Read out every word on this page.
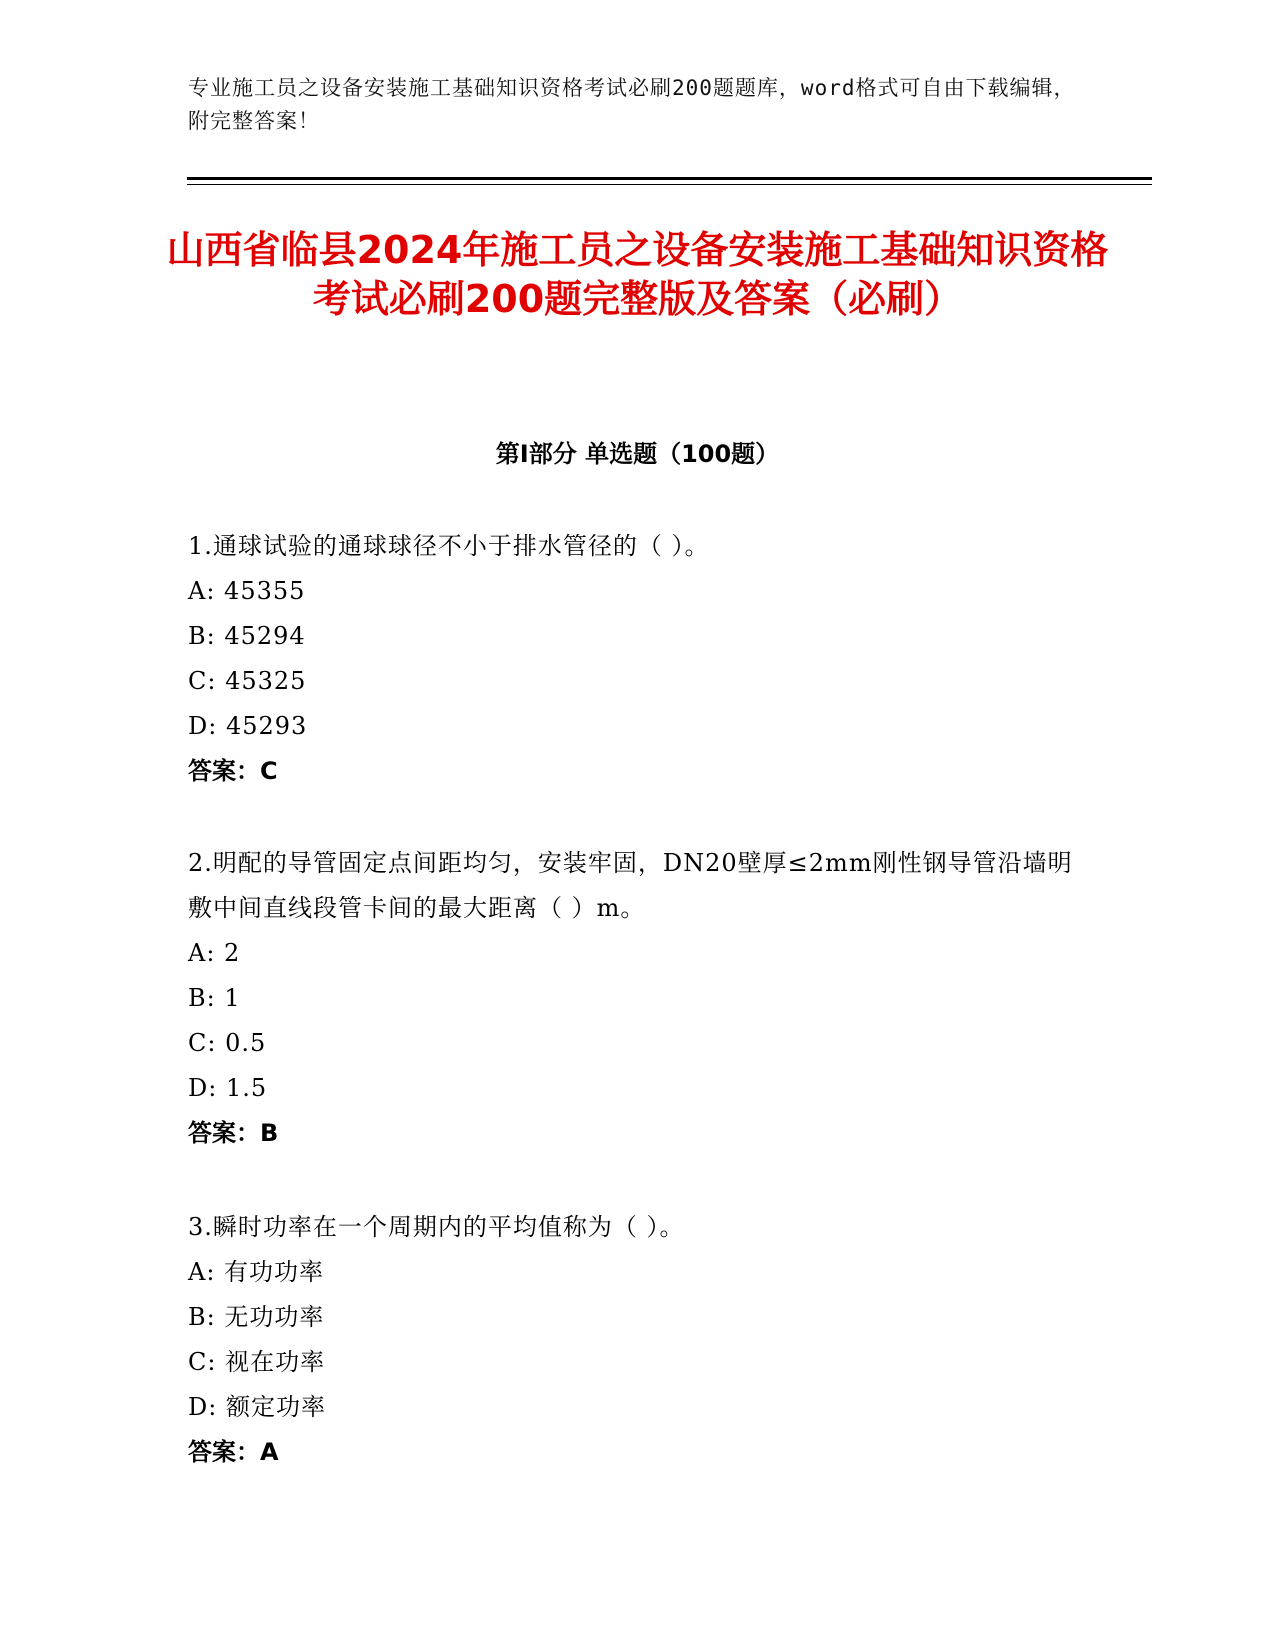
专业施工员之设备安装施工基础知识资格考试必刷200题题库，word格式可自由下载编辑，附完整答案！
山西省临县2024年施工员之设备安装施工基础知识资格考试必刷200题完整版及答案（必刷）
第I部分 单选题（100题）

1.通球试验的通球球径不小于排水管径的（ ）。

A: 45355

B: 45294

C: 45325

D: 45293

答案：C

2.明配的导管固定点间距均匀，安装牢固，DN20壁厚≤2mm刚性钢导管沿墙明敷中间直线段管卡间的最大距离（ ）m。

A: 2

B: 1

C: 0.5

D: 1.5

答案：B

3.瞬时功率在一个周期内的平均值称为（ ）。

A: 有功功率

B: 无功功率

C: 视在功率

D: 额定功率

答案：A
